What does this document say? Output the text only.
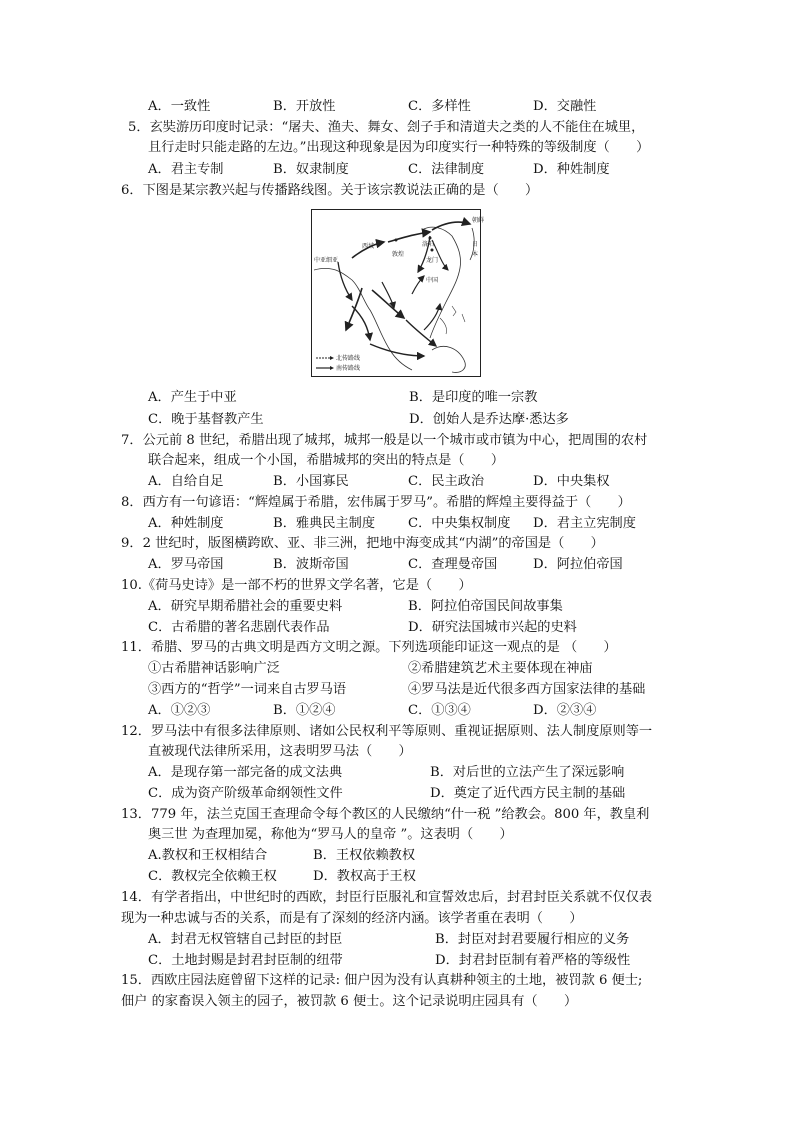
A．一致性	B．开放性	C．多样性	D．交融性
5．玄奘游历印度时记录：“屠夫、渔夫、舞女、刽子手和清道夫之类的人不能住在城里，
且行走时只能走路的左边。”出现这种现象是因为印度实行一种特殊的等级制度（　　）
A．君主专制	B．奴隶制度	C．法律制度	D．种姓制度
6．下图是某宗教兴起与传播路线图。关于该宗教说法正确的是（　　）
朝鲜
日
本
西域
敦煌
洛阳
龙门
中亚细亚
中国
北传路线
南传路线
A．产生于中亚	B．是印度的唯一宗教
C．晚于基督教产生	D．创始人是乔达摩·悉达多
7．公元前 8 世纪，希腊出现了城邦，城邦一般是以一个城市或市镇为中心，把周围的农村
联合起来，组成一个小国，希腊城邦的突出的特点是（　　）
A．自给自足	B．小国寡民	C．民主政治	D．中央集权
8．西方有一句谚语：“辉煌属于希腊，宏伟属于罗马”。希腊的辉煌主要得益于（　　）
A．种姓制度	B．雅典民主制度 C．中央集权制度 D．君主立宪制度
9．2 世纪时，版图横跨欧、亚、非三洲，把地中海变成其“内湖”的帝国是（　　）
A．罗马帝国	B．波斯帝国	C．查理曼帝国	D．阿拉伯帝国
10.《荷马史诗》是一部不朽的世界文学名著，它是（　　）
A．研究早期希腊社会的重要史料	B．阿拉伯帝国民间故事集
C．古希腊的著名悲剧代表作品	D．研究法国城市兴起的史料
11．希腊、罗马的古典文明是西方文明之源。下列选项能印证这一观点的是 （　　）
①古希腊神话影响广泛	②希腊建筑艺术主要体现在神庙
③西方的“哲学”一词来自古罗马语	④罗马法是近代很多西方国家法律的基础
A．①②③	B．①②④	C．①③④	D．②③④
12．罗马法中有很多法律原则、诸如公民权利平等原则、重视证据原则、法人制度原则等一
直被现代法律所采用，这表明罗马法（　　）
A．是现存第一部完备的成文法典	B．对后世的立法产生了深远影响
C．成为资产阶级革命纲领性文件	D．奠定了近代西方民主制的基础
13．779 年，法兰克国王查理命令每个教区的人民缴纳“什一税 ”给教会。800 年，教皇利
奥三世 为查理加冕，称他为“罗马人的皇帝 ”。这表明（　　）
A.教权和王权相结合	B．王权依赖教权
C．教权完全依赖王权	D．教权高于王权
14．有学者指出，中世纪时的西欧，封臣行臣服礼和宣誓效忠后，封君封臣关系就不仅仅表
现为一种忠诚与否的关系，而是有了深刻的经济内涵。该学者重在表明（　　）
A．封君无权管辖自己封臣的封臣	B．封臣对封君要履行相应的义务
C．土地封赐是封君封臣制的纽带	D．封君封臣制有着严格的等级性
15．西欧庄园法庭曾留下这样的记录: 佃户因为没有认真耕种领主的土地，被罚款 6 便士;
佃户 的家畜误入领主的园子，被罚款 6 便士。这个记录说明庄园具有（　　）
